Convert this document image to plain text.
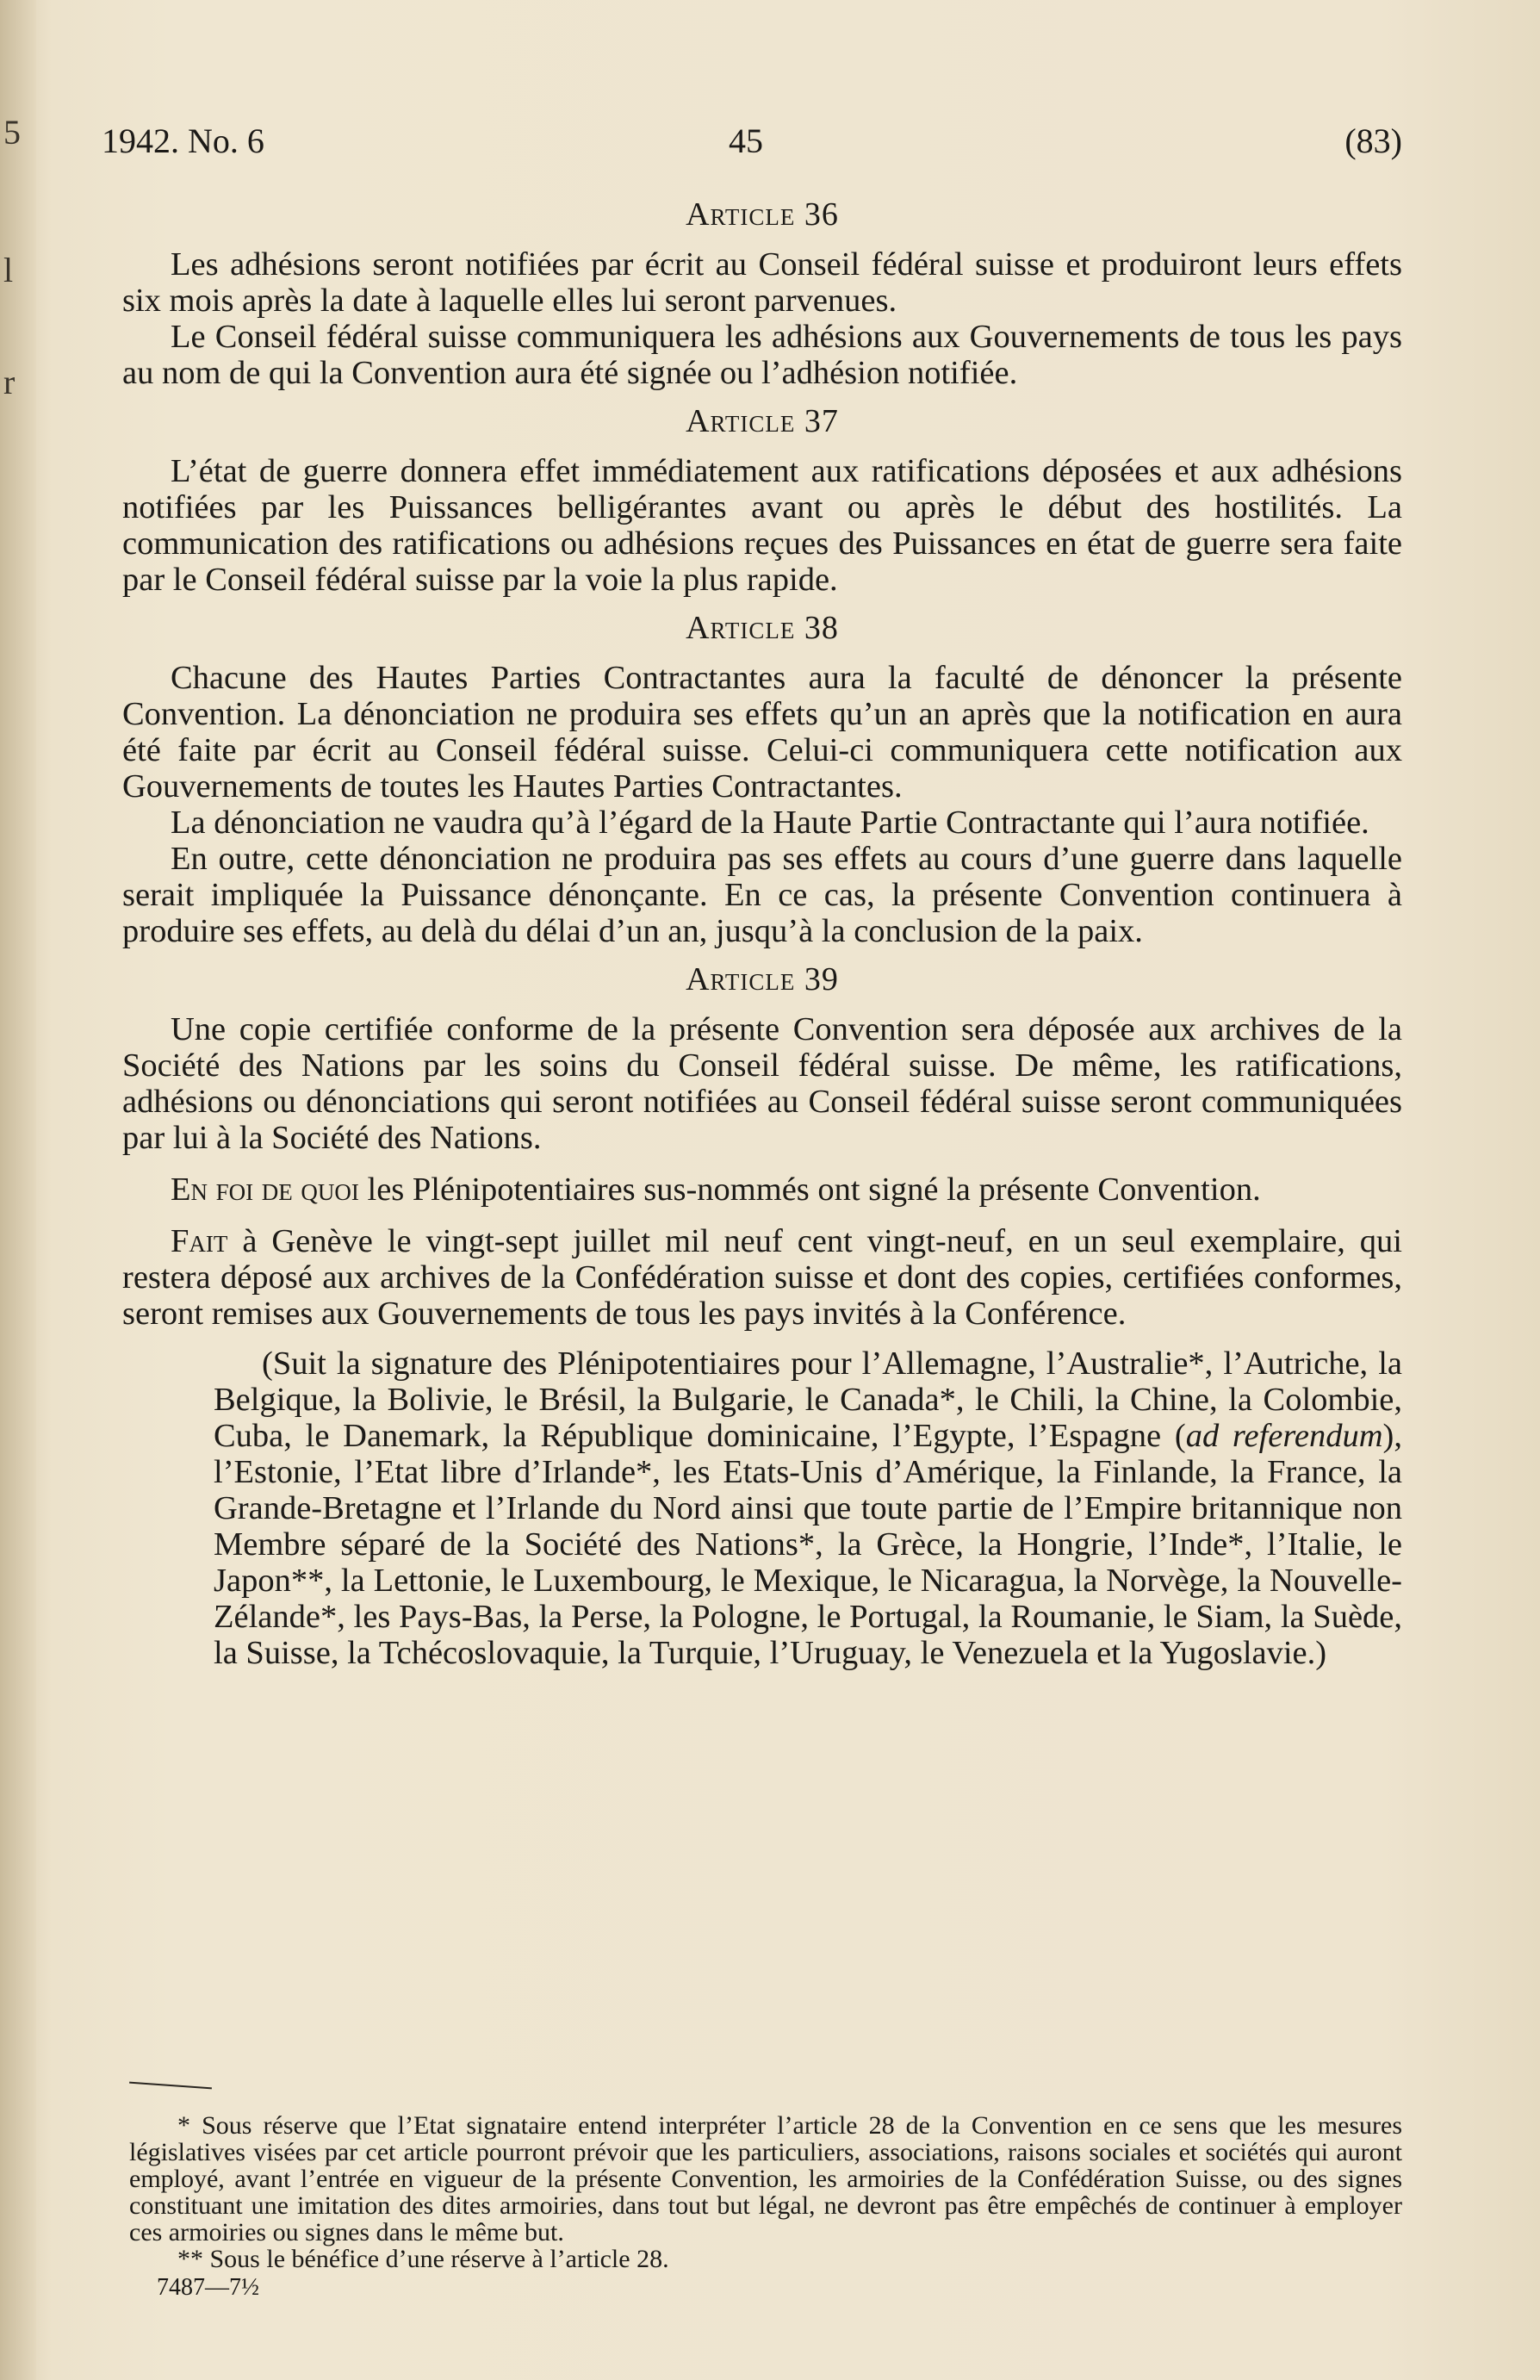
5
l
r
1942. No. 6	45	(83)
Article 36

Les adhésions seront notifiées par écrit au Conseil fédéral suisse et produiront leurs effets six mois après la date à laquelle elles lui seront parvenues.

Le Conseil fédéral suisse communiquera les adhésions aux Gouvernements de tous les pays au nom de qui la Convention aura été signée ou l’adhésion notifiée.

Article 37

L’état de guerre donnera effet immédiatement aux ratifications déposées et aux adhésions notifiées par les Puissances belligérantes avant ou après le début des hostilités. La communication des ratifications ou adhésions reçues des Puissances en état de guerre sera faite par le Conseil fédéral suisse par la voie la plus rapide.

Article 38

Chacune des Hautes Parties Contractantes aura la faculté de dénoncer la présente Convention. La dénonciation ne produira ses effets qu’un an après que la notification en aura été faite par écrit au Conseil fédéral suisse. Celui-ci communiquera cette notification aux Gouvernements de toutes les Hautes Parties Contractantes.

La dénonciation ne vaudra qu’à l’égard de la Haute Partie Contractante qui l’aura notifiée.

En outre, cette dénonciation ne produira pas ses effets au cours d’une guerre dans laquelle serait impliquée la Puissance dénonçante. En ce cas, la présente Convention continuera à produire ses effets, au delà du délai d’un an, jusqu’à la conclusion de la paix.

Article 39

Une copie certifiée conforme de la présente Convention sera déposée aux archives de la Société des Nations par les soins du Conseil fédéral suisse. De même, les ratifications, adhésions ou dénonciations qui seront notifiées au Conseil fédéral suisse seront communiquées par lui à la Société des Nations.

En foi de quoi les Plénipotentiaires sus-nommés ont signé la présente Convention.

Fait à Genève le vingt-sept juillet mil neuf cent vingt-neuf, en un seul exemplaire, qui restera déposé aux archives de la Confédération suisse et dont des copies, certifiées conformes, seront remises aux Gouvernements de tous les pays invités à la Conférence.

(Suit la signature des Plénipotentiaires pour l’Allemagne, l’Australie*, l’Autriche, la Belgique, la Bolivie, le Brésil, la Bulgarie, le Canada*, le Chili, la Chine, la Colombie, Cuba, le Danemark, la République dominicaine, l’Egypte, l’Espagne (ad referendum), l’Estonie, l’Etat libre d’Irlande*, les Etats-Unis d’Amérique, la Finlande, la France, la Grande-Bretagne et l’Irlande du Nord ainsi que toute partie de l’Empire britannique non Membre séparé de la Société des Nations*, la Grèce, la Hongrie, l’Inde*, l’Italie, le Japon**, la Lettonie, le Luxembourg, le Mexique, le Nicaragua, la Norvège, la Nouvelle-Zélande*, les Pays-Bas, la Perse, la Pologne, le Portugal, la Roumanie, le Siam, la Suède, la Suisse, la Tchécoslovaquie, la Turquie, l’Uruguay, le Venezuela et la Yugoslavie.)

* Sous réserve que l’Etat signataire entend interpréter l’article 28 de la Convention en ce sens que les mesures législatives visées par cet article pourront prévoir que les particuliers, associations, raisons sociales et sociétés qui auront employé, avant l’entrée en vigueur de la présente Convention, les armoiries de la Confédération Suisse, ou des signes constituant une imitation des dites armoiries, dans tout but légal, ne devront pas être empêchés de continuer à employer ces armoiries ou signes dans le même but.

** Sous le bénéfice d’une réserve à l’article 28.

7487—7½
